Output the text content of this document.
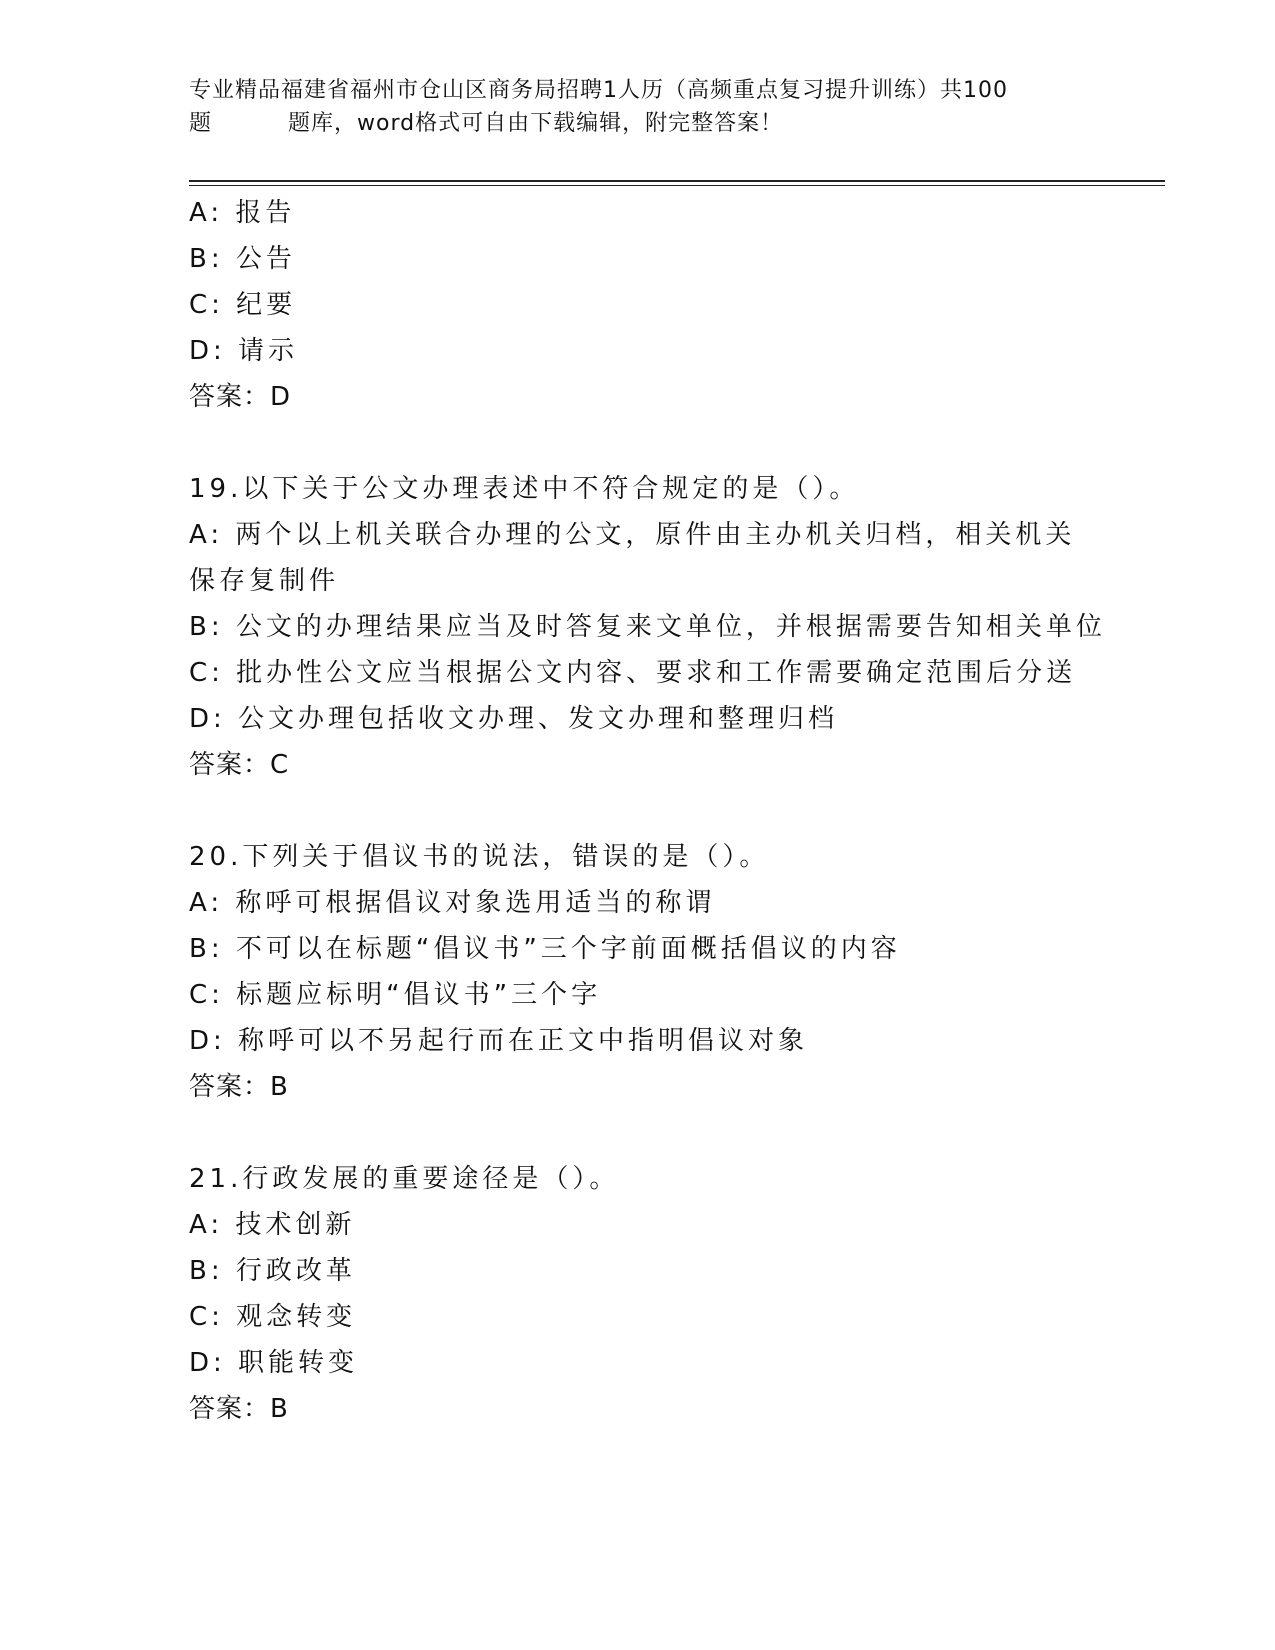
专业精品福建省福州市仓山区商务局招聘1人历（高频重点复习提升训练）共100
题	题库，word格式可自由下载编辑，附完整答案！
A: 报告
B: 公告
C: 纪要
D: 请示
答案：D
19.以下关于公文办理表述中不符合规定的是（）。
A: 两个以上机关联合办理的公文，原件由主办机关归档，相关机关保存复制件
B: 公文的办理结果应当及时答复来文单位，并根据需要告知相关单位
C: 批办性公文应当根据公文内容、要求和工作需要确定范围后分送
D: 公文办理包括收文办理、发文办理和整理归档
答案：C
20.下列关于倡议书的说法，错误的是（）。
A: 称呼可根据倡议对象选用适当的称谓
B: 不可以在标题“倡议书”三个字前面概括倡议的内容
C: 标题应标明“倡议书”三个字
D: 称呼可以不另起行而在正文中指明倡议对象
答案：B
21.行政发展的重要途径是（）。
A: 技术创新
B: 行政改革
C: 观念转变
D: 职能转变
答案：B
